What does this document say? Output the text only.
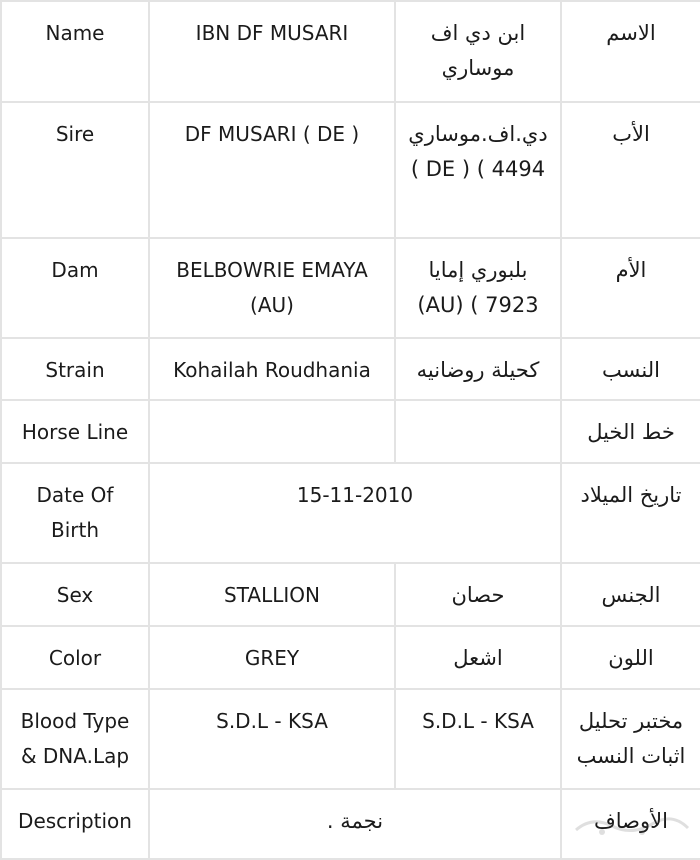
Name	IBN DF MUSARI	ابن دي اف موساري	الاسم
Sire	DF MUSARI ( DE )	دي.اف.موساري 4494 ) ( DE )	الأب
Dam	BELBOWRIE EMAYA (AU)	بلبوري إمايا 7923 ) (AU)	الأم
Strain	Kohailah Roudhania	كحيلة روضانيه	النسب
Horse Line			خط الخيل
Date Of Birth	15-11-2010		تاريخ الميلاد
Sex	STALLION	حصان	الجنس
Color	GREY	اشعل	اللون
Blood Type & DNA.Lap	S.D.L - KSA	S.D.L - KSA	مختبر تحليل اثبات النسب
Description	نجمة .		الأوصاف
